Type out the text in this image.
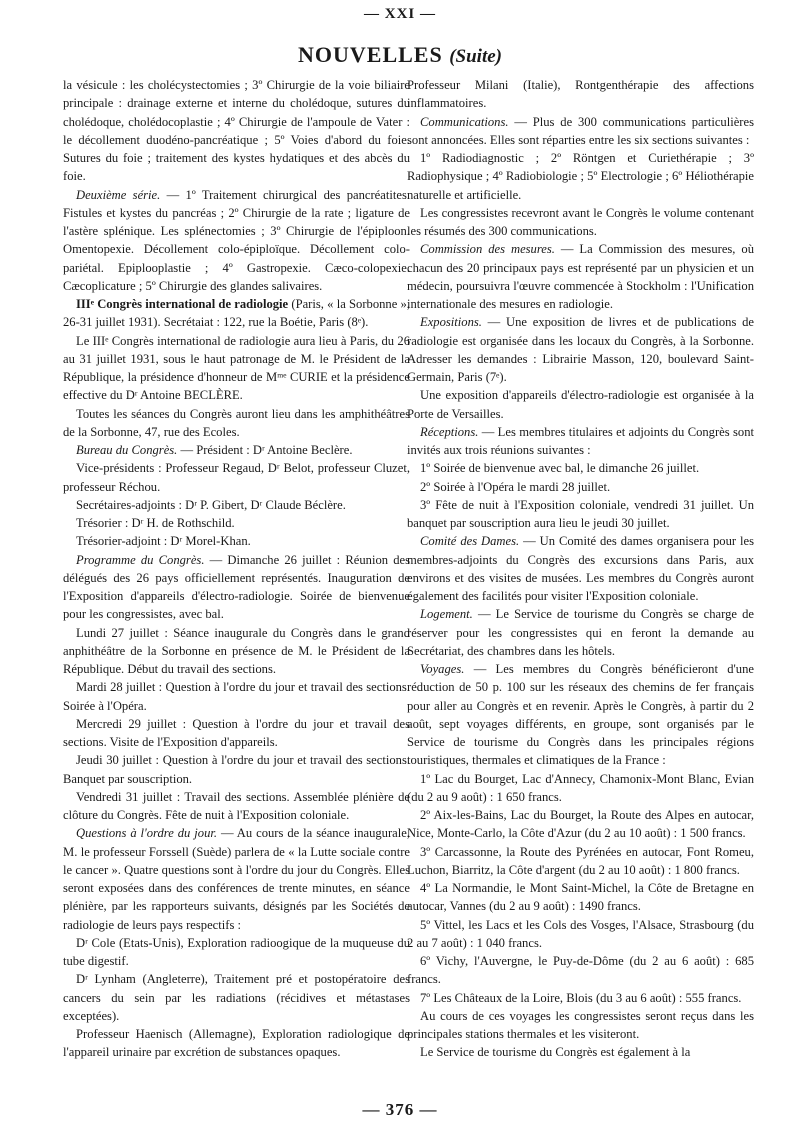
— XXI —
NOUVELLES (Suite)

la vésicule : les cholécystectomies ; 3º Chirurgie de la voie biliaire principale : drainage externe et interne du cholédoque, sutures du cholédoque, cholédocoplastie ; 4º Chirurgie de l'ampoule de Vater : le décollement duodéno-pancréatique ; 5º Voies d'abord du foie. Sutures du foie ; traitement des kystes hydatiques et des abcès du foie.

Deuxième série. — 1º Traitement chirurgical des pancréatites. Fistules et kystes du pancréas ; 2º Chirurgie de la rate ; ligature de l'astère splénique. Les splénectomies ; 3º Chirurgie de l'épiploon. Omentopexie. Décollement colo-épiploïque. Décollement colo-pariétal. Epiplooplastie ; 4º Gastropexie. Cæco-colopexie. Cæcoplicature ; 5º Chirurgie des glandes salivaires.

IIIᵉ Congrès international de radiologie (Paris, « la Sorbonne », 26-31 juillet 1931). Secrétaiat : 122, rue la Boétie, Paris (8ᵉ).

Le IIIᵉ Congrès international de radiologie aura lieu à Paris, du 26 au 31 juillet 1931, sous le haut patronage de M. le Président de la République, la présidence d'honneur de Mᵐᵉ CURIE et la présidence effective du Dʳ Antoine BECLÈRE.

Toutes les séances du Congrès auront lieu dans les amphithéâtres de la Sorbonne, 47, rue des Ecoles.

Bureau du Congrès. — Président : Dʳ Antoine Beclère.

Vice-présidents : Professeur Regaud, Dʳ Belot, professeur Cluzet, professeur Réchou.

Secrétaires-adjoints : Dʳ P. Gibert, Dʳ Claude Béclère.

Trésorier : Dʳ H. de Rothschild.

Trésorier-adjoint : Dʳ Morel-Khan.

Programme du Congrès. — Dimanche 26 juillet : Réunion des délégués des 26 pays officiellement représentés. Inauguration de l'Exposition d'appareils d'électro-radiologie. Soirée de bienvenue pour les congressistes, avec bal.

Lundi 27 juillet : Séance inaugurale du Congrès dans le grand anphithéâtre de la Sorbonne en présence de M. le Président de la République. Début du travail des sections.

Mardi 28 juillet : Question à l'ordre du jour et travail des sections. Soirée à l'Opéra.

Mercredi 29 juillet : Question à l'ordre du jour et travail des sections. Visite de l'Exposition d'appareils.

Jeudi 30 juillet : Question à l'ordre du jour et travail des sections. Banquet par souscription.

Vendredi 31 juillet : Travail des sections. Assemblée plénière de clôture du Congrès. Fête de nuit à l'Exposition coloniale.

Questions à l'ordre du jour. — Au cours de la séance inaugurale, M. le professeur Forssell (Suède) parlera de « la Lutte sociale contre le cancer ». Quatre questions sont à l'ordre du jour du Congrès. Elles seront exposées dans des conférences de trente minutes, en séance plénière, par les rapporteurs suivants, désignés par les Sociétés de radiologie de leurs pays respectifs :

Dʳ Cole (Etats-Unis), Exploration radioogique de la muqueuse du tube digestif.

Dʳ Lynham (Angleterre), Traitement pré et postopératoire des cancers du sein par les radiations (récidives et métastases exceptées).

Professeur Haenisch (Allemagne), Exploration radiologique de l'appareil urinaire par excrétion de substances opaques.

Professeur Milani (Italie), Rontgenthérapie des affections inflammatoires.

Communications. — Plus de 300 communications particulières sont annoncées. Elles sont réparties entre les six sections suivantes :

1º Radiodiagnostic ; 2º Röntgen et Curiethérapie ; 3º Radiophysique ; 4º Radiobiologie ; 5º Electrologie ; 6º Héliothérapie naturelle et artificielle.

Les congressistes recevront avant le Congrès le volume contenant les résumés des 300 communications.

Commission des mesures. — La Commission des mesures, où chacun des 20 principaux pays est représenté par un physicien et un médecin, poursuivra l'œuvre commencée à Stockholm : l'Unification internationale des mesures en radiologie.

Expositions. — Une exposition de livres et de publications de radiologie est organisée dans les locaux du Congrès, à la Sorbonne. Adresser les demandes : Librairie Masson, 120, boulevard Saint-Germain, Paris (7ᵉ).

Une exposition d'appareils d'électro-radiologie est organisée à la Porte de Versailles.

Réceptions. — Les membres titulaires et adjoints du Congrès sont invités aux trois réunions suivantes :

1º Soirée de bienvenue avec bal, le dimanche 26 juillet.

2º Soirée à l'Opéra le mardi 28 juillet.

3º Fête de nuit à l'Exposition coloniale, vendredi 31 juillet. Un banquet par souscription aura lieu le jeudi 30 juillet.

Comité des Dames. — Un Comité des dames organisera pour les membres-adjoints du Congrès des excursions dans Paris, aux environs et des visites de musées. Les membres du Congrès auront également des facilités pour visiter l'Exposition coloniale.

Logement. — Le Service de tourisme du Congrès se charge de réserver pour les congressistes qui en feront la demande au Secrétariat, des chambres dans les hôtels.

Voyages. — Les membres du Congrès bénéficieront d'une réduction de 50 p. 100 sur les réseaux des chemins de fer français pour aller au Congrès et en revenir. Après le Congrès, à partir du 2 août, sept voyages différents, en groupe, sont organisés par le Service de tourisme du Congrès dans les principales régions touristiques, thermales et climatiques de la France :

1º Lac du Bourget, Lac d'Annecy, Chamonix-Mont Blanc, Evian (du 2 au 9 août) : 1 650 francs.

2º Aix-les-Bains, Lac du Bourget, la Route des Alpes en autocar, Nice, Monte-Carlo, la Côte d'Azur (du 2 au 10 août) : 1 500 francs.

3º Carcassonne, la Route des Pyrénées en autocar, Font Romeu, Luchon, Biarritz, la Côte d'argent (du 2 au 10 août) : 1 800 francs.

4º La Normandie, le Mont Saint-Michel, la Côte de Bretagne en autocar, Vannes (du 2 au 9 août) : 1490 francs.

5º Vittel, les Lacs et les Cols des Vosges, l'Alsace, Strasbourg (du 2 au 7 août) : 1 040 francs.

6º Vichy, l'Auvergne, le Puy-de-Dôme (du 2 au 6 août) : 685 francs.

7º Les Châteaux de la Loire, Blois (du 3 au 6 août) : 555 francs.

Au cours de ces voyages les congressistes seront reçus dans les principales stations thermales et les visiteront.

Le Service de tourisme du Congrès est également à la

— 376 —
